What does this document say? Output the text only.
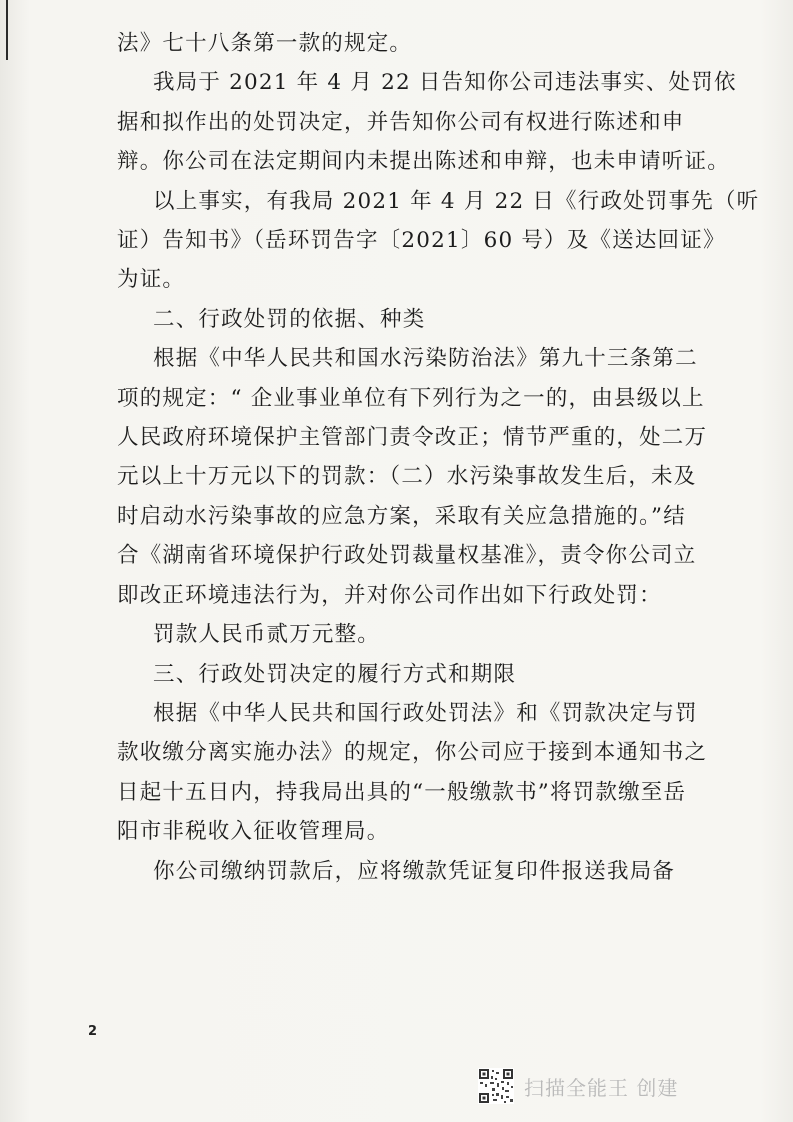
法》七十八条第一款的规定。

我局于 2021 年 4 月 22 日告知你公司违法事实、处罚依

据和拟作出的处罚决定，并告知你公司有权进行陈述和申

辩。你公司在法定期间内未提出陈述和申辩，也未申请听证。

以上事实，有我局 2021 年 4 月 22 日《行政处罚事先（听

证）告知书》（岳环罚告字〔2021〕60 号）及《送达回证》

为证。

二、行政处罚的依据、种类

根据《中华人民共和国水污染防治法》第九十三条第二

项的规定：“ 企业事业单位有下列行为之一的，由县级以上

人民政府环境保护主管部门责令改正；情节严重的，处二万

元以上十万元以下的罚款：（二）水污染事故发生后，未及

时启动水污染事故的应急方案，采取有关应急措施的。”结

合《湖南省环境保护行政处罚裁量权基准》，责令你公司立

即改正环境违法行为，并对你公司作出如下行政处罚：

罚款人民币贰万元整。

三、行政处罚决定的履行方式和期限

根据《中华人民共和国行政处罚法》和《罚款决定与罚

款收缴分离实施办法》的规定，你公司应于接到本通知书之

日起十五日内，持我局出具的“一般缴款书”将罚款缴至岳

阳市非税收入征收管理局。

你公司缴纳罚款后，应将缴款凭证复印件报送我局备

2
扫描全能王 创建
